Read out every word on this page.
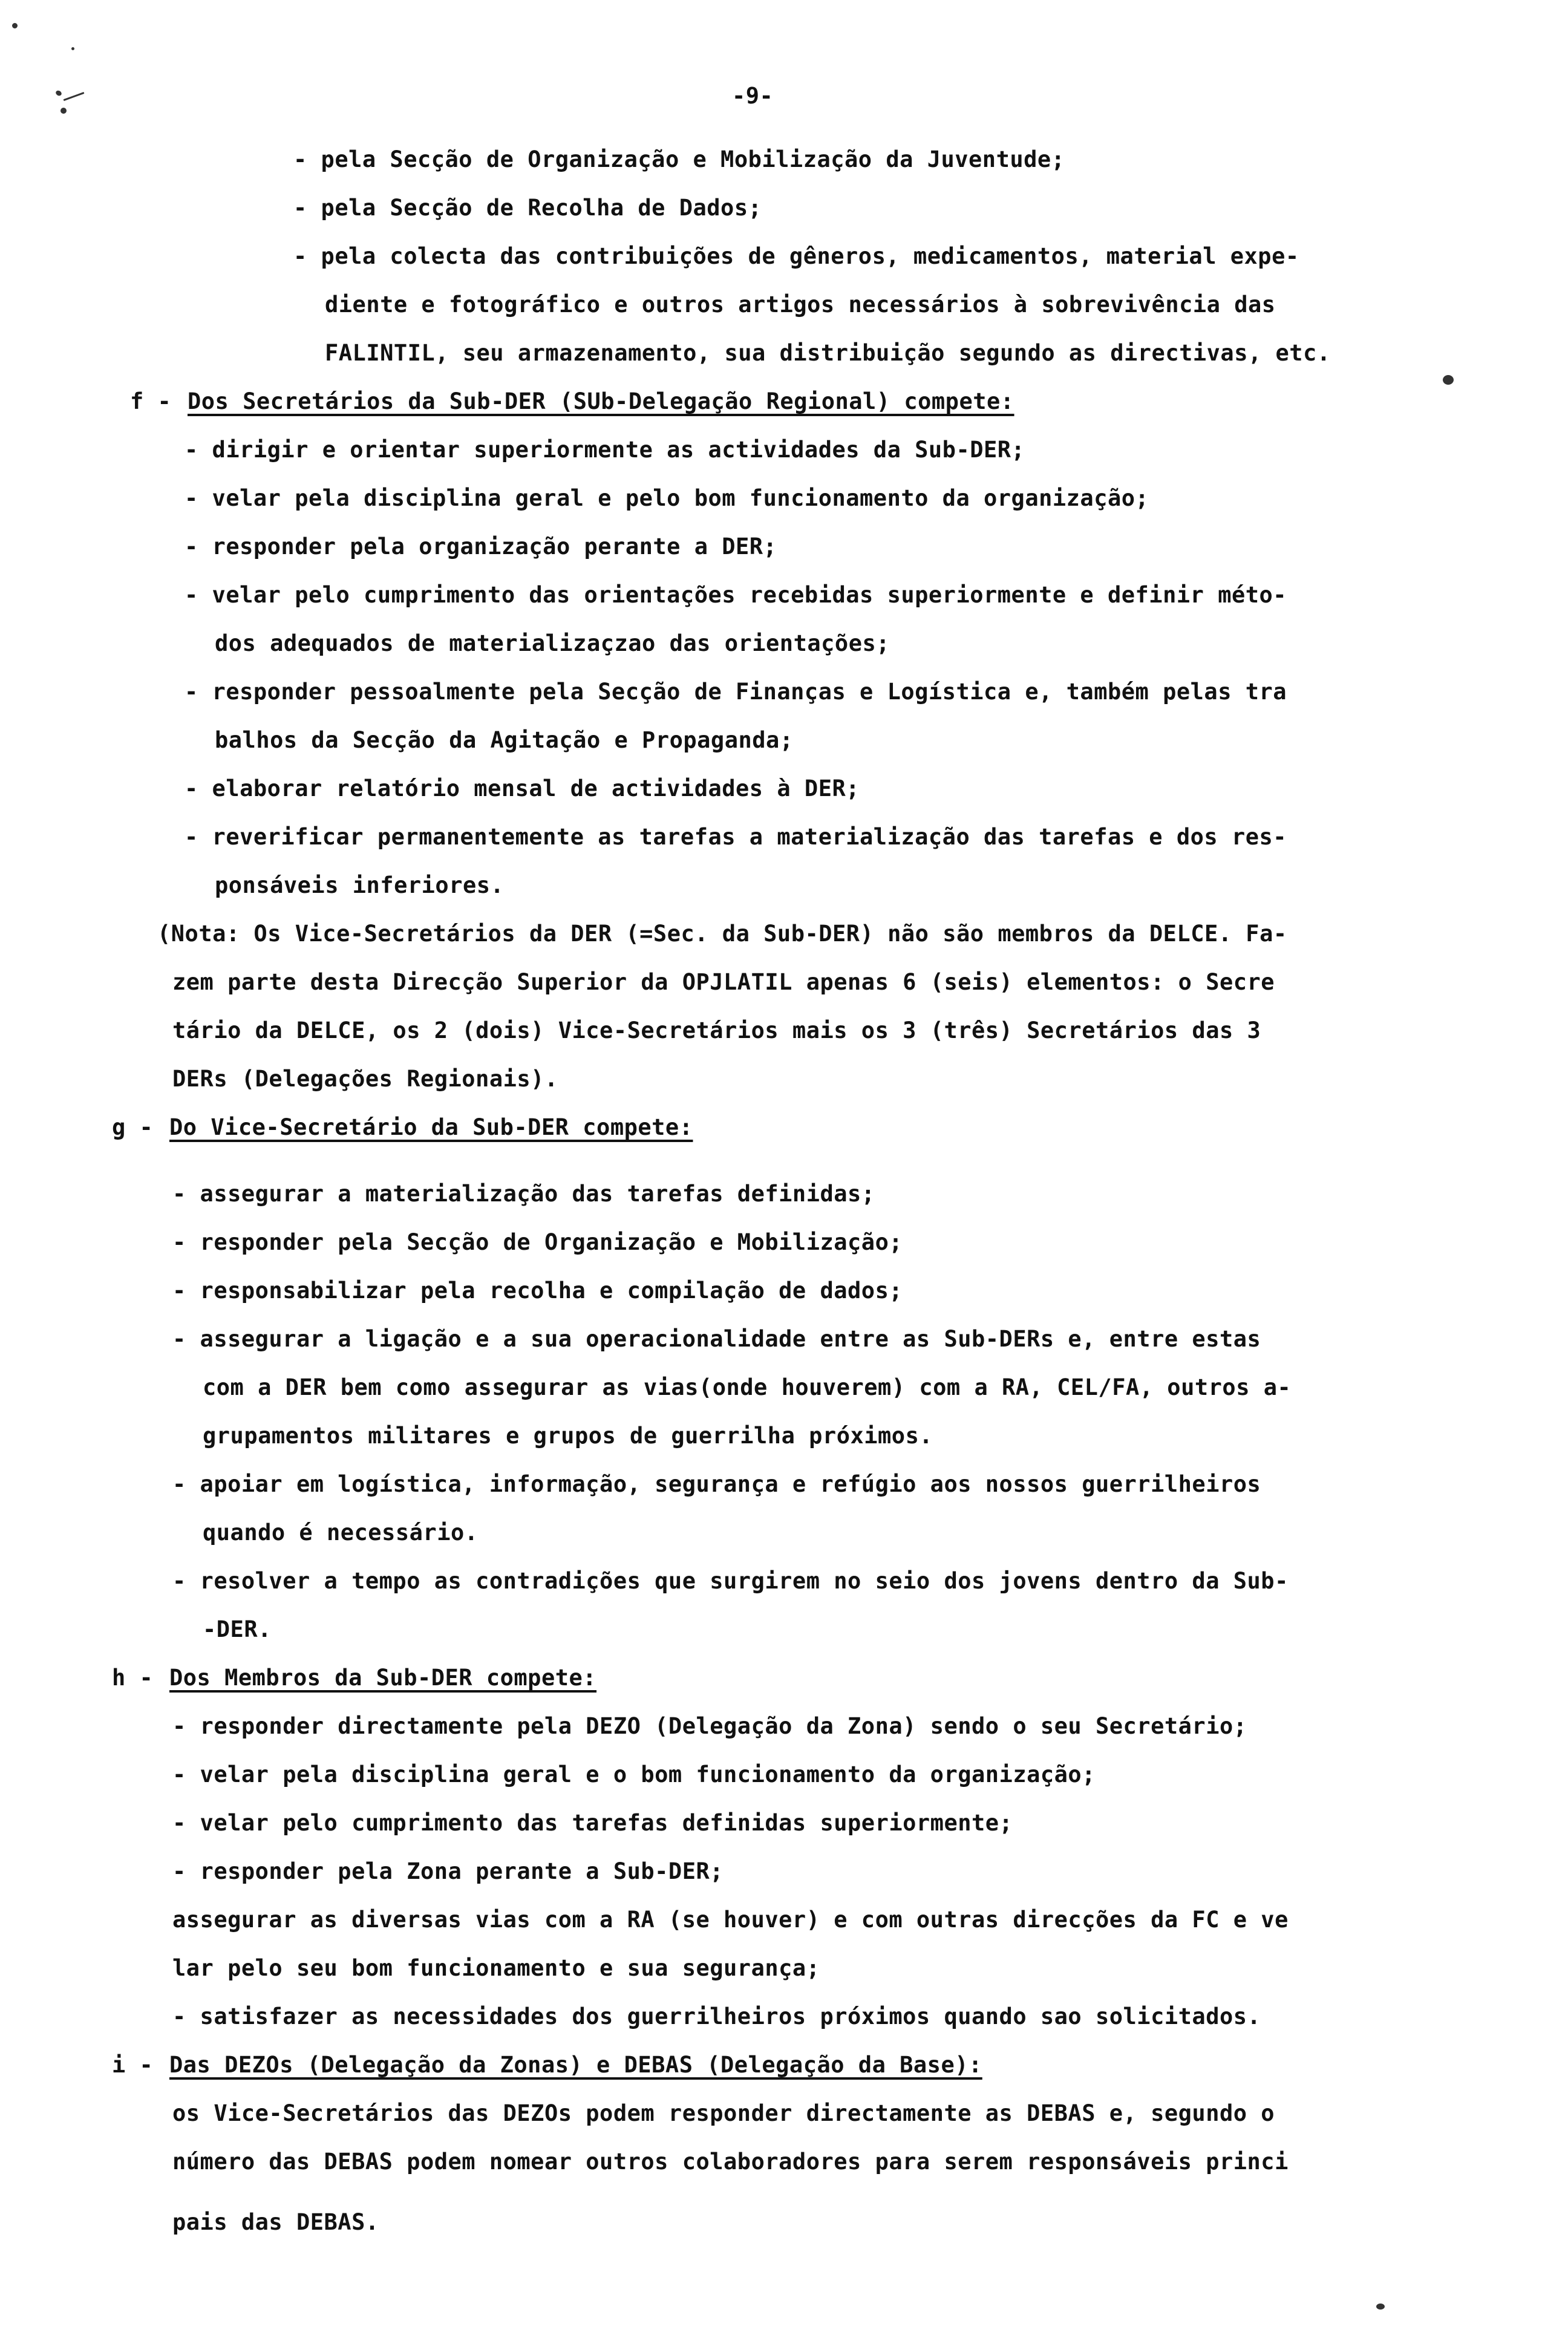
-9-
- pela Secção de Organização e Mobilização da Juventude;
- pela Secção de Recolha de Dados;
- pela colecta das contribuições de gêneros, medicamentos, material expe-
diente e fotográfico e outros artigos necessários à sobrevivência das
FALINTIL, seu armazenamento, sua distribuição segundo as directivas, etc.
f - Dos Secretários da Sub-DER (SUb-Delegação Regional) compete:
- dirigir e orientar superiormente as actividades da Sub-DER;
- velar pela disciplina geral e pelo bom funcionamento da organização;
- responder pela organização perante a DER;
- velar pelo cumprimento das orientações recebidas superiormente e definir méto-
dos adequados de materializaçzao das orientações;
- responder pessoalmente pela Secção de Finanças e Logística e, também pelas tra
balhos da Secção da Agitação e Propaganda;
- elaborar relatório mensal de actividades à DER;
- reverificar permanentemente as tarefas a materialização das tarefas e dos res-
ponsáveis inferiores.
(Nota: Os Vice-Secretários da DER (=Sec. da Sub-DER) não são membros da DELCE. Fa-
zem parte desta Direcção Superior da OPJLATIL apenas 6 (seis) elementos: o Secre
tário da DELCE, os 2 (dois) Vice-Secretários mais os 3 (três) Secretários das 3
DERs (Delegações Regionais).
g - Do Vice-Secretário da Sub-DER compete:
- assegurar a materialização das tarefas definidas;
- responder pela Secção de Organização e Mobilização;
- responsabilizar pela recolha e compilação de dados;
- assegurar a ligação e a sua operacionalidade entre as Sub-DERs e, entre estas
com a DER bem como assegurar as vias(onde houverem) com a RA, CEL/FA, outros a-
grupamentos militares e grupos de guerrilha próximos.
- apoiar em logística, informação, segurança e refúgio aos nossos guerrilheiros
quando é necessário.
- resolver a tempo as contradições que surgirem no seio dos jovens dentro da Sub-
-DER.
h - Dos Membros da Sub-DER compete:
- responder directamente pela DEZO (Delegação da Zona) sendo o seu Secretário;
- velar pela disciplina geral e o bom funcionamento da organização;
- velar pelo cumprimento das tarefas definidas superiormente;
- responder pela Zona perante a Sub-DER;
assegurar as diversas vias com a RA (se houver) e com outras direcções da FC e ve
lar pelo seu bom funcionamento e sua segurança;
- satisfazer as necessidades dos guerrilheiros próximos quando sao solicitados.
i - Das DEZOs (Delegação da Zonas) e DEBAS (Delegação da Base):
os Vice-Secretários das DEZOs podem responder directamente as DEBAS e, segundo o
número das DEBAS podem nomear outros colaboradores para serem responsáveis princi
pais das DEBAS.
